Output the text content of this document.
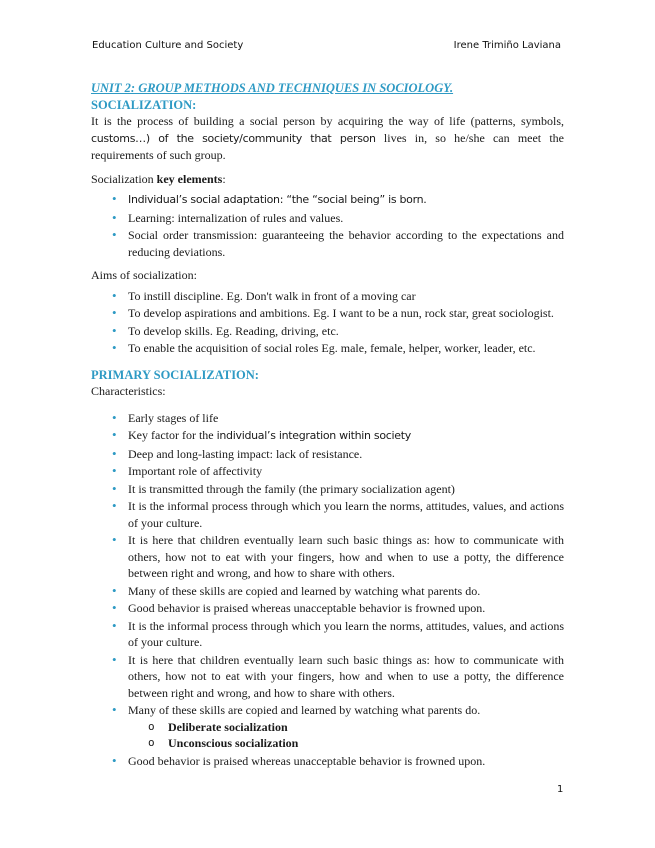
Education Culture and Society	Irene Trimiño Laviana

UNIT 2: GROUP METHODS AND TECHNIQUES IN SOCIOLOGY.

SOCIALIZATION:

It is the process of building a social person by acquiring the way of life (patterns, symbols, customs…) of the society/community that person lives in, so he/she can meet the requirements of such group.

Socialization key elements:

• Individual’s social adaptation: “the “social being” is born.
• Learning: internalization of rules and values.
• Social order transmission: guaranteeing the behavior according to the expectations and reducing deviations.

Aims of socialization:

• To instill discipline. Eg. Don't walk in front of a moving car
• To develop aspirations and ambitions. Eg. I want to be a nun, rock star, great sociologist.
• To develop skills. Eg. Reading, driving, etc.
• To enable the acquisition of social roles Eg. male, female, helper, worker, leader, etc.

PRIMARY SOCIALIZATION:

Characteristics:

• Early stages of life
• Key factor for the individual’s integration within society
• Deep and long-lasting impact: lack of resistance.
• Important role of affectivity
• It is transmitted through the family (the primary socialization agent)
• It is the informal process through which you learn the norms, attitudes, values, and actions of your culture.
• It is here that children eventually learn such basic things as: how to communicate with others, how not to eat with your fingers, how and when to use a potty, the difference between right and wrong, and how to share with others.
• Many of these skills are copied and learned by watching what parents do.
• Good behavior is praised whereas unacceptable behavior is frowned upon.
• It is the informal process through which you learn the norms, attitudes, values, and actions of your culture.
• It is here that children eventually learn such basic things as: how to communicate with others, how not to eat with your fingers, how and when to use a potty, the difference between right and wrong, and how to share with others.
• Many of these skills are copied and learned by watching what parents do.
o Deliberate socialization
o Unconscious socialization
• Good behavior is praised whereas unacceptable behavior is frowned upon.
1
